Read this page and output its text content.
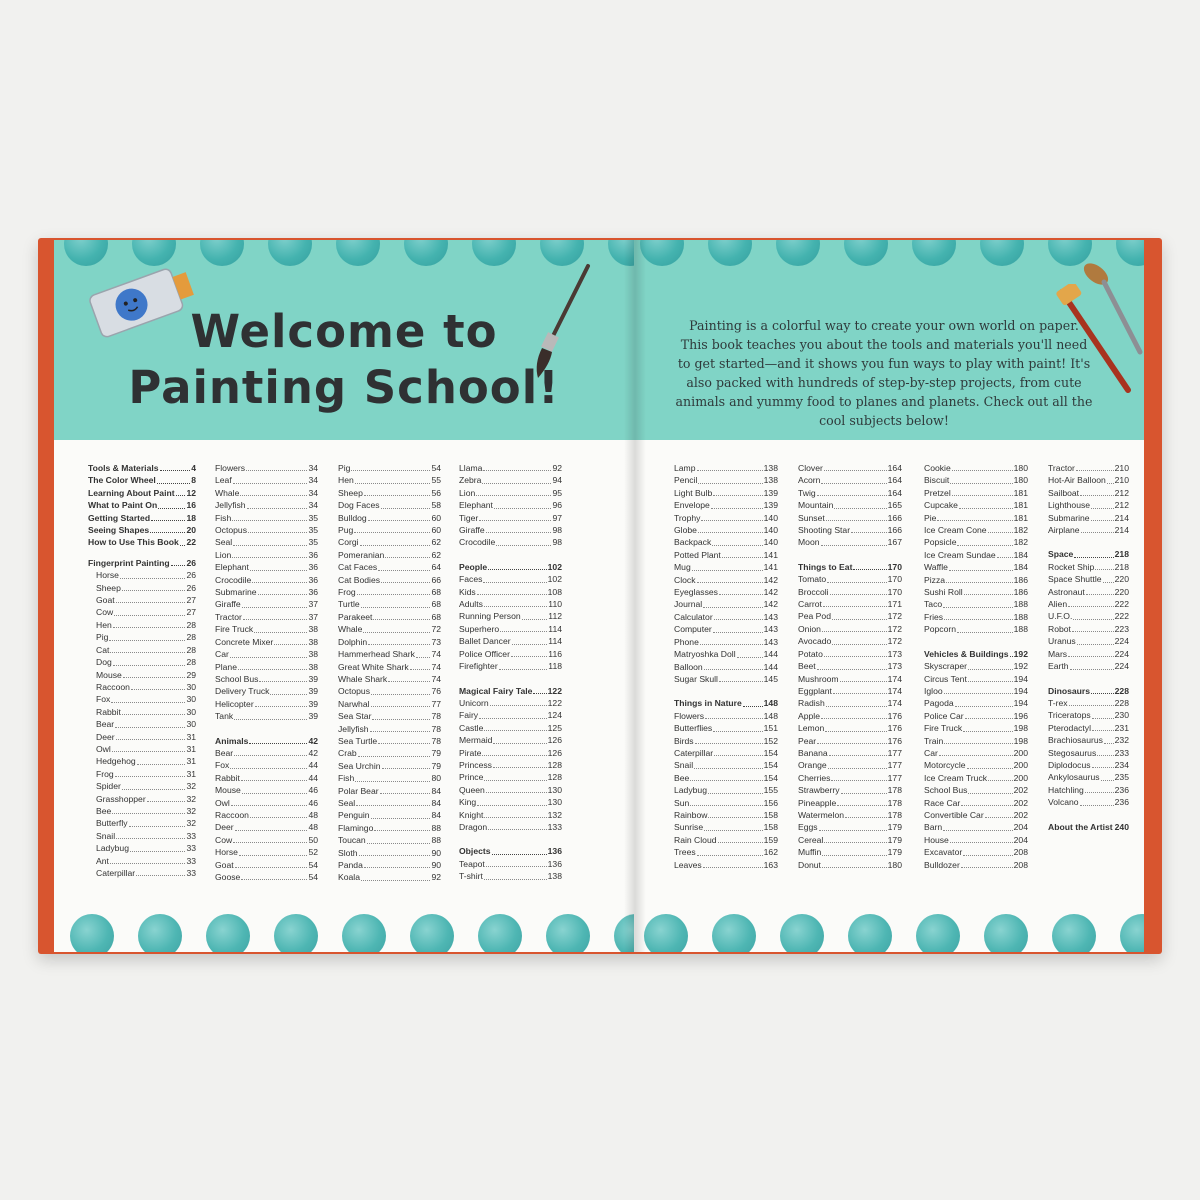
Welcome to Painting School!
Tools & Materials	4
The Color Wheel	8
Learning About Paint 12
What to Paint On	16
Getting Started	18
Seeing Shapes	20
How to Use This Book 22
Fingerprint Painting 26
Horse	26
Sheep	26
Goat	27
Cow	27
Hen	28
Pig	28
Cat	28
Dog	28
Mouse	29
Raccoon	30
Fox	30
Rabbit	30
Bear	30
Deer	31
Owl	31
Hedgehog	31
Frog	31
Spider	32
Grasshopper	32
Bee	32
Butterfly	32
Snail	33
Ladybug	33
Ant	33
Caterpillar	33
Flowers	34
Leaf	34
Whale	34
Jellyfish	34
Fish	35
Octopus	35
Seal	35
Lion	36
Elephant	36
Crocodile	36
Submarine	36
Giraffe	37
Tractor	37
Fire Truck	38
Concrete Mixer	38
Car	38
Plane	38
School Bus	39
Delivery Truck	39
Helicopter	39
Tank	39
Animals	42
Bear	42
Fox	44
Rabbit	44
Mouse	46
Owl	46
Raccoon	48
Deer	48
Cow	50
Horse	52
Goat	54
Goose	54
Pig	54
Hen	55
Sheep	56
Dog Faces	58
Bulldog	60
Pug	60
Corgi	62
Pomeranian	62
Cat Faces	64
Cat Bodies	66
Frog	68
Turtle	68
Parakeet	68
Whale	72
Dolphin	73
Hammerhead Shark 74
Great White Shark	74
Whale Shark	74
Octopus	76
Narwhal	77
Sea Star	78
Jellyfish	78
Sea Turtle	78
Crab	79
Sea Urchin	79
Fish	80
Polar Bear	84
Seal	84
Penguin	84
Flamingo	88
Toucan	88
Sloth	90
Panda	90
Koala	92
Llama	92
Zebra	94
Lion	95
Elephant	96
Tiger	97
Giraffe	98
Crocodile	98
People	102
Faces	102
Kids	108
Adults	110
Running Person	112
Superhero	114
Ballet Dancer	114
Police Officer	116
Firefighter	118
Magical Fairy Tale 122
Unicorn	122
Fairy	124
Castle	125
Mermaid	126
Pirate	126
Princess	128
Prince	128
Queen	130
King	130
Knight	132
Dragon	133
Objects	136
Teapot	136
T-shirt	138
Painting is a colorful way to create your own world on paper. This book teaches you about the tools and materials you'll need to get started—and it shows you fun ways to play with paint! It's also packed with hundreds of step-by-step projects, from cute animals and yummy food to planes and planets. Check out all the cool subjects below!
Lamp	138
Pencil	138
Light Bulb	139
Envelope	139
Trophy	140
Globe	140
Backpack	140
Potted Plant	141
Mug	141
Clock	142
Eyeglasses	142
Journal	142
Calculator	143
Computer	143
Phone	143
Matryoshka Doll	144
Balloon	144
Sugar Skull	145
Things in Nature	148
Flowers	148
Butterflies	151
Birds	152
Caterpillar	154
Snail	154
Bee	154
Ladybug	155
Sun	156
Rainbow	158
Sunrise	158
Rain Cloud	159
Trees	162
Leaves	163
Clover	164
Acorn	164
Twig	164
Mountain	165
Sunset	166
Shooting Star	166
Moon	167
Things to Eat	170
Tomato	170
Broccoli	170
Carrot	171
Pea Pod	172
Onion	172
Avocado	172
Potato	173
Beet	173
Mushroom	174
Eggplant	174
Radish	174
Apple	176
Lemon	176
Pear	176
Banana	177
Orange	177
Cherries	177
Strawberry	178
Pineapple	178
Watermelon	178
Eggs	179
Cereal	179
Muffin	179
Donut	180
Cookie	180
Biscuit	180
Pretzel	181
Cupcake	181
Pie	181
Ice Cream Cone	182
Popsicle	182
Ice Cream Sundae 184
Waffle	184
Pizza	186
Sushi Roll	186
Taco	188
Fries	188
Popcorn	188
Vehicles & Buildings 192
Skyscraper	192
Circus Tent	194
Igloo	194
Pagoda	194
Police Car	196
Fire Truck	198
Train	198
Car	200
Motorcycle	200
Ice Cream Truck	200
School Bus	202
Race Car	202
Convertible Car	202
Barn	204
House	204
Excavator	208
Bulldozer	208
Tractor	210
Hot-Air Balloon 210
Sailboat	212
Lighthouse	212
Submarine	214
Airplane	214
Space	218
Rocket Ship 218
Space Shuttle 220
Astronaut	220
Alien	222
U.F.O.	222
Robot	223
Uranus	224
Mars	224
Earth	224
Dinosaurs	228
T-rex	228
Triceratops	230
Pterodactyl	231
Brachiosaurus 232
Stegosaurus 233
Diplodocus	234
Ankylosaurus 235
Hatchling	236
Volcano	236
About the Artist 240
